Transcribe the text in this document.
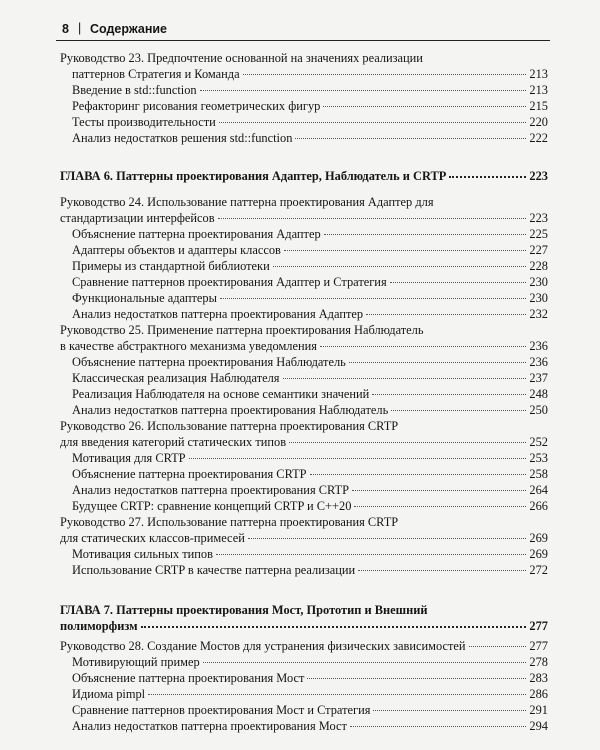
8 | Содержание
Руководство 23. Предпочтение основанной на значениях реализации
паттернов Стратегия и Команда	213
Введение в std::function	213
Рефакторинг рисования геометрических фигур	215
Тесты производительности	220
Анализ недостатков решения std::function	222
ГЛАВА 6. Паттерны проектирования Адаптер, Наблюдатель и CRTP	223
Руководство 24. Использование паттерна проектирования Адаптер для
стандартизации интерфейсов	223
Объяснение паттерна проектирования Адаптер	225
Адаптеры объектов и адаптеры классов	227
Примеры из стандартной библиотеки	228
Сравнение паттернов проектирования Адаптер и Стратегия	230
Функциональные адаптеры	230
Анализ недостатков паттерна проектирования Адаптер	232
Руководство 25. Применение паттерна проектирования Наблюдатель
в качестве абстрактного механизма уведомления	236
Объяснение паттерна проектирования Наблюдатель	236
Классическая реализация Наблюдателя	237
Реализация Наблюдателя на основе семантики значений	248
Анализ недостатков паттерна проектирования Наблюдатель	250
Руководство 26. Использование паттерна проектирования CRTP
для введения категорий статических типов	252
Мотивация для CRTP	253
Объяснение паттерна проектирования CRTP	258
Анализ недостатков паттерна проектирования CRTP	264
Будущее CRTP: сравнение концепций CRTP и C++20	266
Руководство 27. Использование паттерна проектирования CRTP
для статических классов-примесей	269
Мотивация сильных типов	269
Использование CRTP в качестве паттерна реализации	272
ГЛАВА 7. Паттерны проектирования Мост, Прототип и Внешний
полиморфизм	277
Руководство 28. Создание Мостов для устранения физических зависимостей	277
Мотивирующий пример	278
Объяснение паттерна проектирования Мост	283
Идиома pimpl	286
Сравнение паттернов проектирования Мост и Стратегия	291
Анализ недостатков паттерна проектирования Мост	294
